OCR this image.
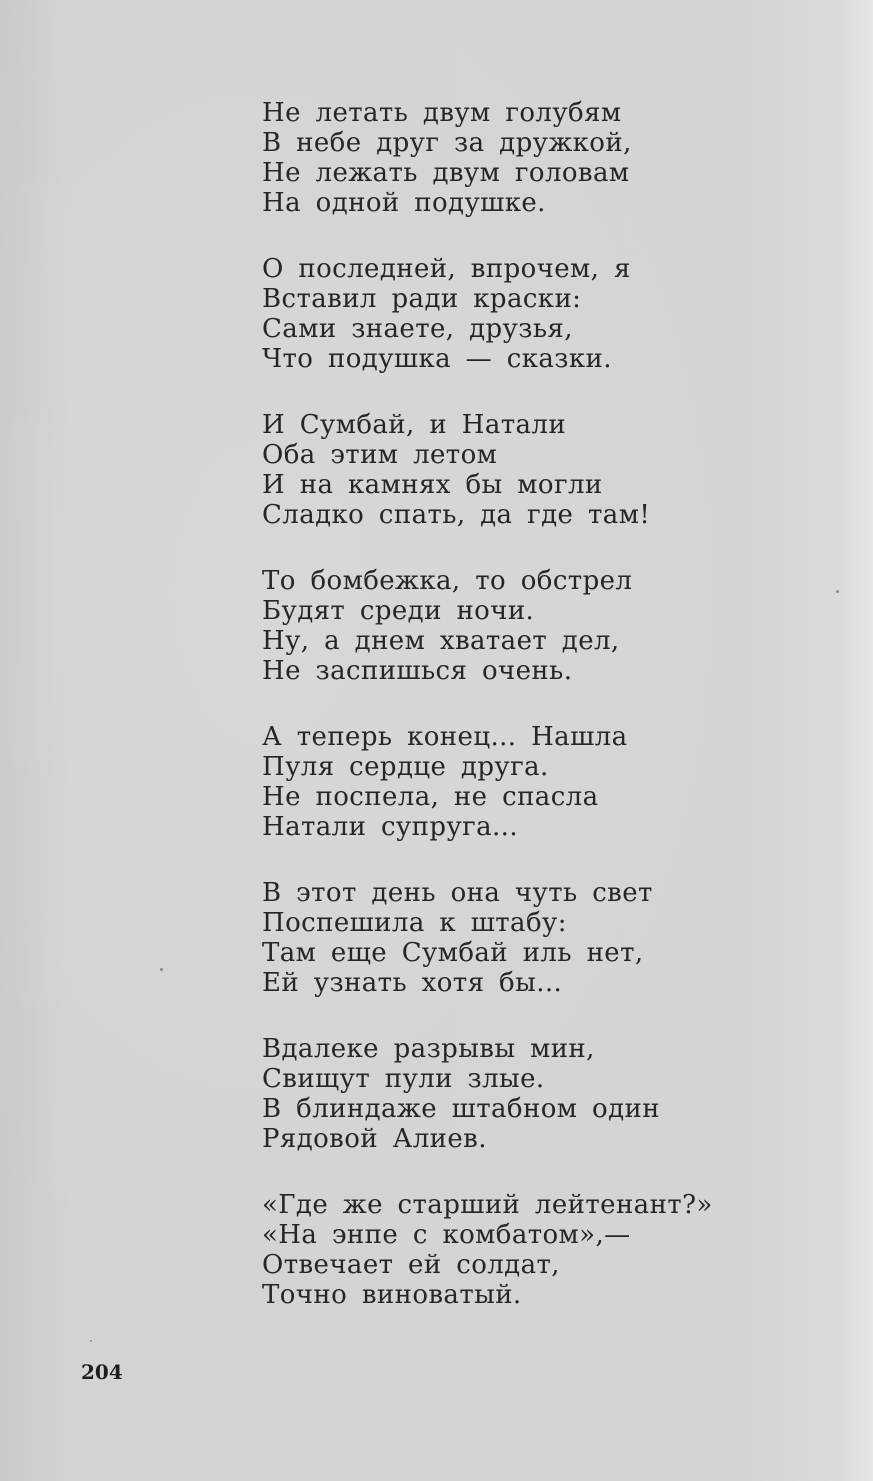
Не летать двум голубям
В небе друг за дружкой,
Не лежать двум головам
На одной подушке.
О последней, впрочем, я
Вставил ради краски:
Сами знаете, друзья,
Что подушка — сказки.
И Сумбай, и Натали
Оба этим летом
И на камнях бы могли
Сладко спать, да где там!
То бомбежка, то обстрел
Будят среди ночи.
Ну, а днем хватает дел,
Не заспишься очень.
А теперь конец... Нашла
Пуля сердце друга.
Не поспела, не спасла
Натали супруга...
В этот день она чуть свет
Поспешила к штабу:
Там еще Сумбай иль нет,
Ей узнать хотя бы...
Вдалеке разрывы мин,
Свищут пули злые.
В блиндаже штабном один
Рядовой Алиев.
«Где же старший лейтенант?»
«На энпе с комбатом»,—
Отвечает ей солдат,
Точно виноватый.
204
